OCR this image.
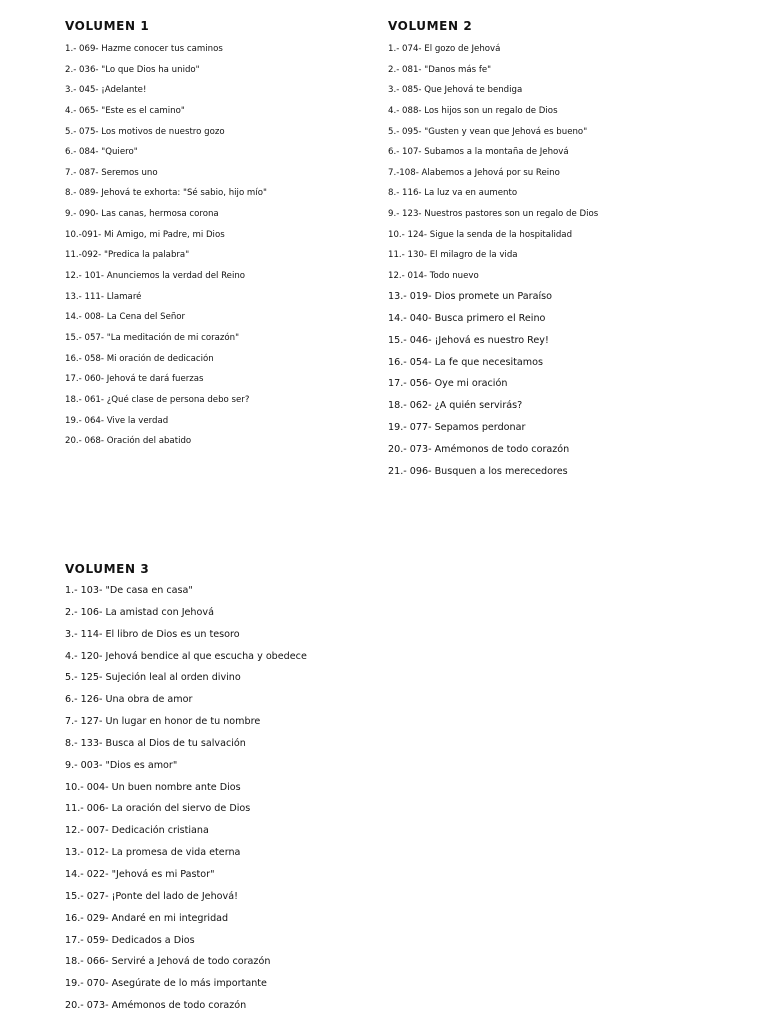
VOLUMEN 1
1.- 069- Hazme conocer tus caminos
2.- 036- "Lo que Dios ha unido"
3.- 045- ¡Adelante!
4.- 065- "Este es el camino"
5.- 075- Los motivos de nuestro gozo
6.- 084- "Quiero"
7.- 087- Seremos uno
8.- 089- Jehová te exhorta: "Sé sabio, hijo mío"
9.- 090- Las canas, hermosa corona
10.-091- Mi Amigo, mi Padre, mi Dios
11.-092- "Predica la palabra"
12.- 101- Anunciemos la verdad del Reino
13.- 111- Llamaré
14.- 008- La Cena del Señor
15.- 057- "La meditación de mi corazón"
16.- 058- Mi oración de dedicación
17.- 060- Jehová te dará fuerzas
18.- 061- ¿Qué clase de persona debo ser?
19.- 064- Vive la verdad
20.- 068- Oración del abatido
VOLUMEN 2
1.- 074- El gozo de Jehová
2.- 081- "Danos más fe"
3.- 085- Que Jehová te bendiga
4.- 088- Los hijos son un regalo de Dios
5.- 095- "Gusten y vean que Jehová es bueno"
6.- 107- Subamos a la montaña de Jehová
7.-108- Alabemos a Jehová por su Reino
8.- 116- La luz va en aumento
9.- 123- Nuestros pastores son un regalo de Dios
10.- 124- Sigue la senda de la hospitalidad
11.- 130- El milagro de la vida
12.- 014- Todo nuevo
13.- 019- Dios promete un Paraíso
14.- 040- Busca primero el Reino
15.- 046- ¡Jehová es nuestro Rey!
16.- 054- La fe que necesitamos
17.- 056- Oye mi oración
18.- 062- ¿A quién servirás?
19.- 077- Sepamos perdonar
20.- 073- Amémonos de todo corazón
21.- 096- Busquen a los merecedores
VOLUMEN 3
1.- 103- "De casa en casa"
2.- 106- La amistad con Jehová
3.- 114- El libro de Dios es un tesoro
4.- 120- Jehová bendice al que escucha y obedece
5.- 125- Sujeción leal al orden divino
6.- 126- Una obra de amor
7.- 127- Un lugar en honor de tu nombre
8.- 133- Busca al Dios de tu salvación
9.- 003- "Dios es amor"
10.- 004- Un buen nombre ante Dios
11.- 006- La oración del siervo de Dios
12.- 007- Dedicación cristiana
13.- 012- La promesa de vida eterna
14.- 022- "Jehová es mi Pastor"
15.- 027- ¡Ponte del lado de Jehová!
16.- 029- Andaré en mi integridad
17.- 059- Dedicados a Dios
18.- 066- Serviré a Jehová de todo corazón
19.- 070- Asegúrate de lo más importante
20.- 073- Amémonos de todo corazón
